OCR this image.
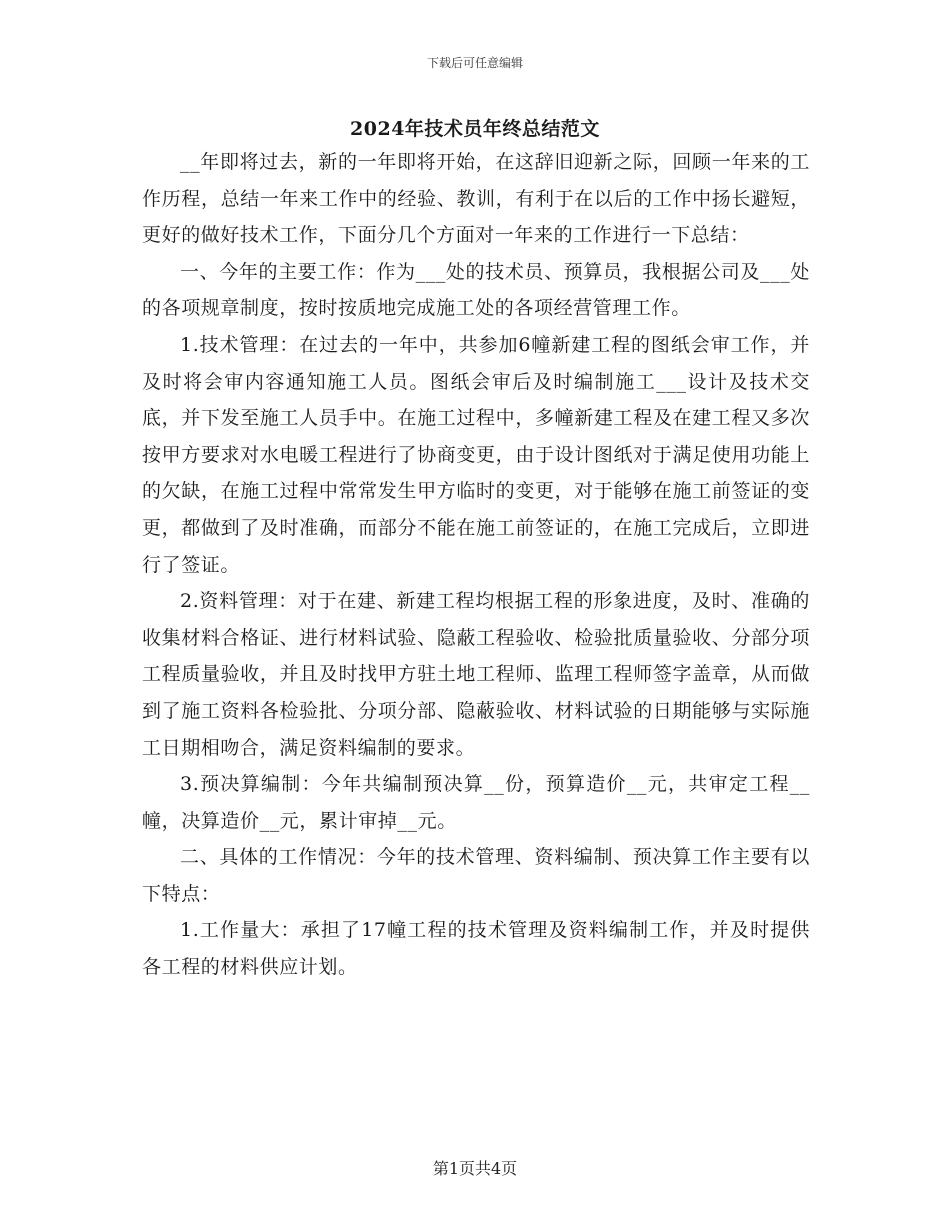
下载后可任意编辑
2024年技术员年终总结范文

__年即将过去，新的一年即将开始，在这辞旧迎新之际，回顾一年来的工作历程，总结一年来工作中的经验、教训，有利于在以后的工作中扬长避短，更好的做好技术工作，下面分几个方面对一年来的工作进行一下总结：

一、今年的主要工作：作为___处的技术员、预算员，我根据公司及___处的各项规章制度，按时按质地完成施工处的各项经营管理工作。

1.技术管理：在过去的一年中，共参加6幢新建工程的图纸会审工作，并及时将会审内容通知施工人员。图纸会审后及时编制施工___设计及技术交底，并下发至施工人员手中。在施工过程中，多幢新建工程及在建工程又多次按甲方要求对水电暖工程进行了协商变更，由于设计图纸对于满足使用功能上的欠缺，在施工过程中常常发生甲方临时的变更，对于能够在施工前签证的变更，都做到了及时准确，而部分不能在施工前签证的，在施工完成后，立即进行了签证。

2.资料管理：对于在建、新建工程均根据工程的形象进度，及时、准确的收集材料合格证、进行材料试验、隐蔽工程验收、检验批质量验收、分部分项工程质量验收，并且及时找甲方驻土地工程师、监理工程师签字盖章，从而做到了施工资料各检验批、分项分部、隐蔽验收、材料试验的日期能够与实际施工日期相吻合，满足资料编制的要求。

3.预决算编制：今年共编制预决算__份，预算造价__元，共审定工程__幢，决算造价__元，累计审掉__元。

二、具体的工作情况：今年的技术管理、资料编制、预决算工作主要有以下特点：

1.工作量大：承担了17幢工程的技术管理及资料编制工作，并及时提供各工程的材料供应计划。

第1页共4页
